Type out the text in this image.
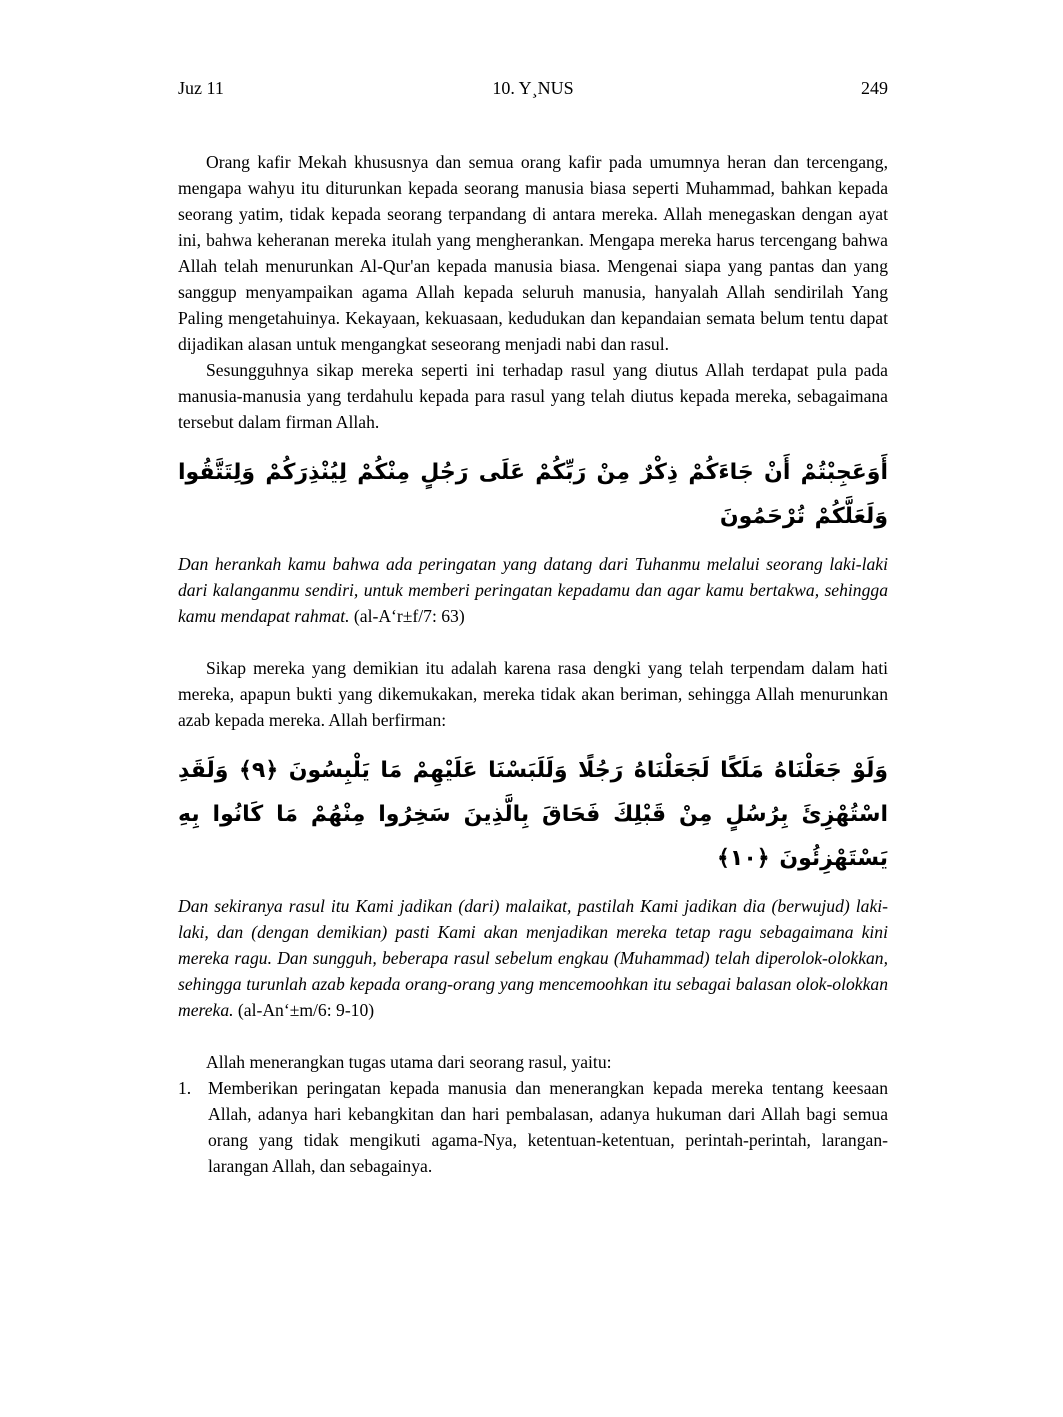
Juz 11	10. Y¸NUS	249

Orang kafir Mekah khususnya dan semua orang kafir pada umumnya heran dan tercengang, mengapa wahyu itu diturunkan kepada seorang manusia biasa seperti Muhammad, bahkan kepada seorang yatim, tidak kepada seorang terpandang di antara mereka. Allah menegaskan dengan ayat ini, bahwa keheranan mereka itulah yang mengherankan. Mengapa mereka harus tercengang bahwa Allah telah menurunkan Al-Qur'an kepada manusia biasa. Mengenai siapa yang pantas dan yang sanggup menyampaikan agama Allah kepada seluruh manusia, hanyalah Allah sendirilah Yang Paling mengetahuinya. Kekayaan, kekuasaan, kedudukan dan kepandaian semata belum tentu dapat dijadikan alasan untuk mengangkat seseorang menjadi nabi dan rasul.

Sesungguhnya sikap mereka seperti ini terhadap rasul yang diutus Allah terdapat pula pada manusia-manusia yang terdahulu kepada para rasul yang telah diutus kepada mereka, sebagaimana tersebut dalam firman Allah.

أَوَعَجِبْتُمْ أَنْ جَاءَكُمْ ذِكْرٌ مِنْ رَبِّكُمْ عَلَى رَجُلٍ مِنْكُمْ لِيُنْذِرَكُمْ وَلِتَتَّقُوا وَلَعَلَّكُمْ تُرْحَمُونَ

Dan herankah kamu bahwa ada peringatan yang datang dari Tuhanmu melalui seorang laki-laki dari kalanganmu sendiri, untuk memberi peringatan kepadamu dan agar kamu bertakwa, sehingga kamu mendapat rahmat. (al-A‘r±f/7: 63)

Sikap mereka yang demikian itu adalah karena rasa dengki yang telah terpendam dalam hati mereka, apapun bukti yang dikemukakan, mereka tidak akan beriman, sehingga Allah menurunkan azab kepada mereka. Allah berfirman:

وَلَوْ جَعَلْنَاهُ مَلَكًا لَجَعَلْنَاهُ رَجُلًا وَلَلَبَسْنَا عَلَيْهِمْ مَا يَلْبِسُونَ ﴿٩﴾ وَلَقَدِ اسْتُهْزِئَ بِرُسُلٍ مِنْ قَبْلِكَ فَحَاقَ بِالَّذِينَ سَخِرُوا مِنْهُمْ مَا كَانُوا بِهِ يَسْتَهْزِئُونَ ﴿١٠﴾

Dan sekiranya rasul itu Kami jadikan (dari) malaikat, pastilah Kami jadikan dia (berwujud) laki-laki, dan (dengan demikian) pasti Kami akan menjadikan mereka tetap ragu sebagaimana kini mereka ragu. Dan sungguh, beberapa rasul sebelum engkau (Muhammad) telah diperolok-olokkan, sehingga turunlah azab kepada orang-orang yang mencemoohkan itu sebagai balasan olok-olokkan mereka. (al-An‘±m/6: 9-10)

Allah menerangkan tugas utama dari seorang rasul, yaitu:

1. Memberikan peringatan kepada manusia dan menerangkan kepada mereka tentang keesaan Allah, adanya hari kebangkitan dan hari pembalasan, adanya hukuman dari Allah bagi semua orang yang tidak mengikuti agama-Nya, ketentuan-ketentuan, perintah-perintah, larangan-larangan Allah, dan sebagainya.
